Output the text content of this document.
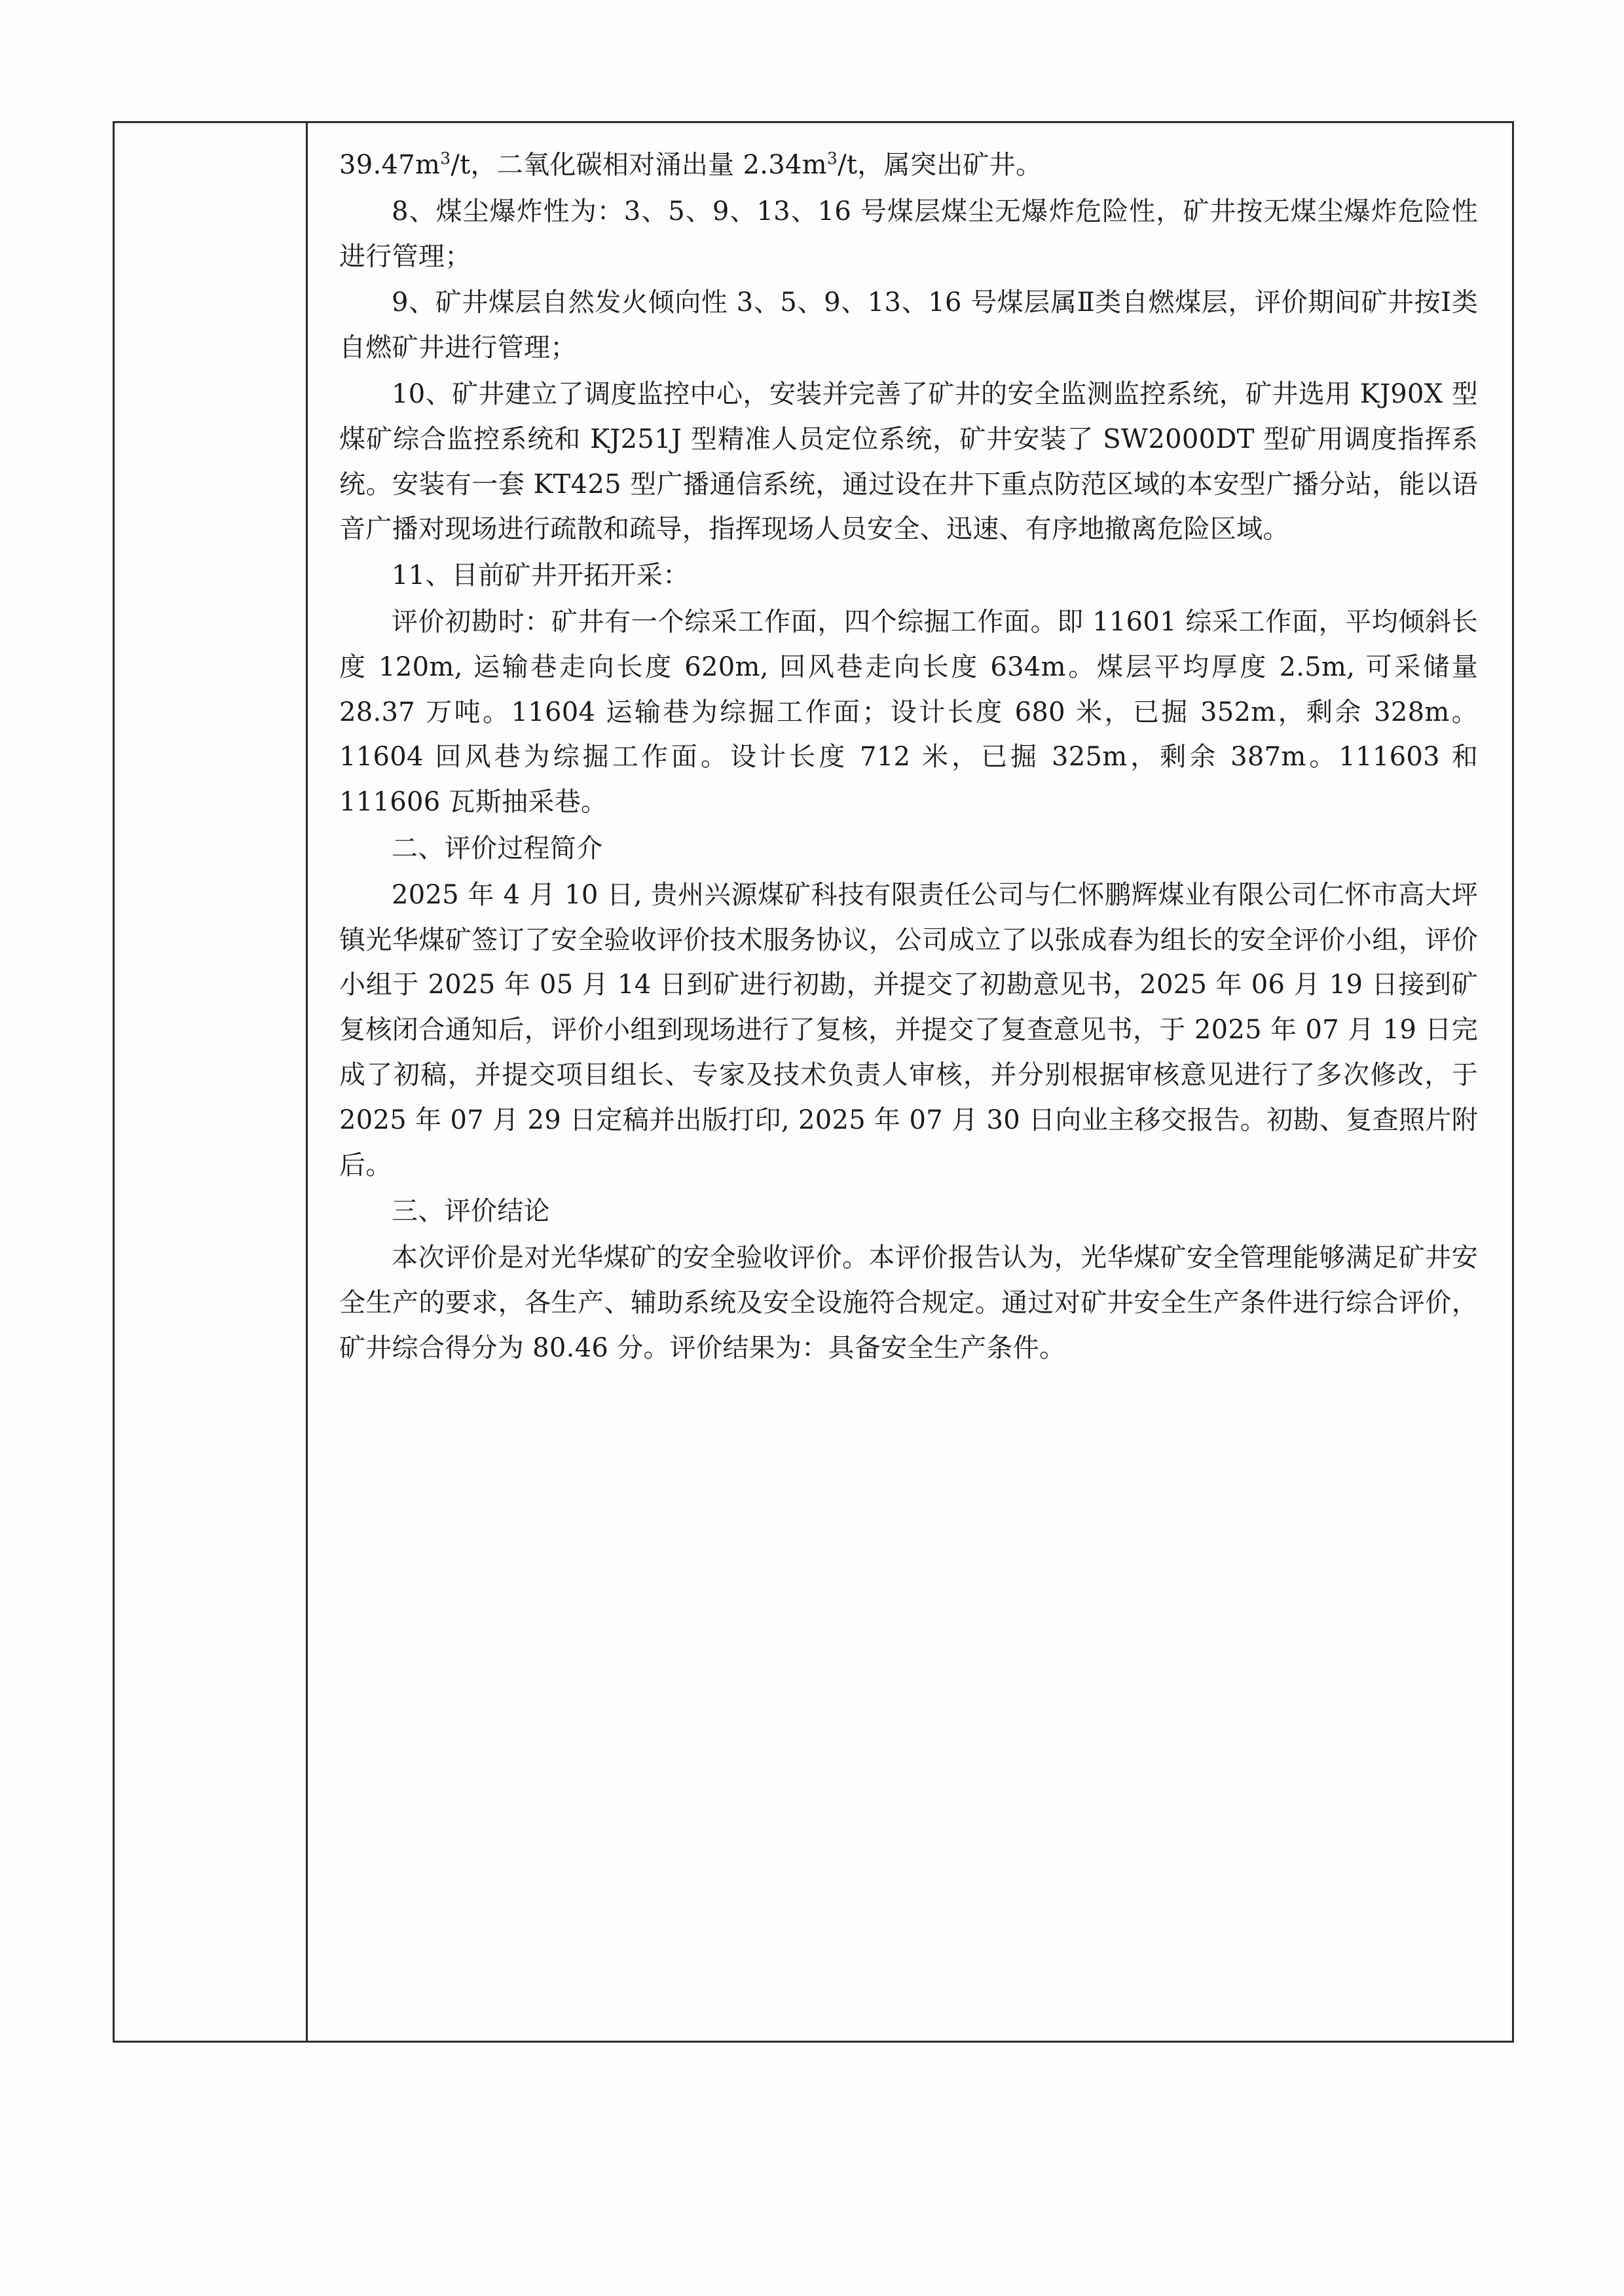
$39.47m^3/t$，二氧化碳相对涌出量 $2.34m^3/t$，属突出矿井。

8、煤尘爆炸性为：3、5、9、13、16 号煤层煤尘无爆炸危险性，矿井按无煤尘爆炸危险性进行管理；

9、矿井煤层自然发火倾向性 3、5、9、13、16 号煤层属Ⅱ类自燃煤层，评价期间矿井按Ⅰ类自燃矿井进行管理；

10、矿井建立了调度监控中心，安装并完善了矿井的安全监测监控系统，矿井选用 KJ90X 型煤矿综合监控系统和 KJ251J 型精准人员定位系统，矿井安装了 SW2000DT 型矿用调度指挥系统。安装有一套 KT425 型广播通信系统，通过设在井下重点防范区域的本安型广播分站，能以语音广播对现场进行疏散和疏导，指挥现场人员安全、迅速、有序地撤离危险区域。

11、目前矿井开拓开采：

评价初勘时：矿井有一个综采工作面，四个综掘工作面。即 11601 综采工作面，平均倾斜长度 120m, 运输巷走向长度 620m, 回风巷走向长度 634m。煤层平均厚度 2.5m, 可采储量 28.37 万吨。11604 运输巷为综掘工作面；设计长度 680 米，已掘 352m，剩余 328m。11604 回风巷为综掘工作面。设计长度 712 米，已掘 325m，剩余 387m。111603 和 111606 瓦斯抽采巷。

二、评价过程简介

2025 年 4 月 10 日, 贵州兴源煤矿科技有限责任公司与仁怀鹏辉煤业有限公司仁怀市高大坪镇光华煤矿签订了安全验收评价技术服务协议，公司成立了以张成春为组长的安全评价小组，评价小组于 2025 年 05 月 14 日到矿进行初勘，并提交了初勘意见书，2025 年 06 月 19 日接到矿复核闭合通知后，评价小组到现场进行了复核，并提交了复查意见书，于 2025 年 07 月 19 日完成了初稿，并提交项目组长、专家及技术负责人审核，并分别根据审核意见进行了多次修改，于 2025 年 07 月 29 日定稿并出版打印, 2025 年 07 月 30 日向业主移交报告。初勘、复查照片附后。

三、评价结论

本次评价是对光华煤矿的安全验收评价。本评价报告认为，光华煤矿安全管理能够满足矿井安全生产的要求，各生产、辅助系统及安全设施符合规定。通过对矿井安全生产条件进行综合评价，矿井综合得分为 80.46 分。评价结果为：具备安全生产条件。
